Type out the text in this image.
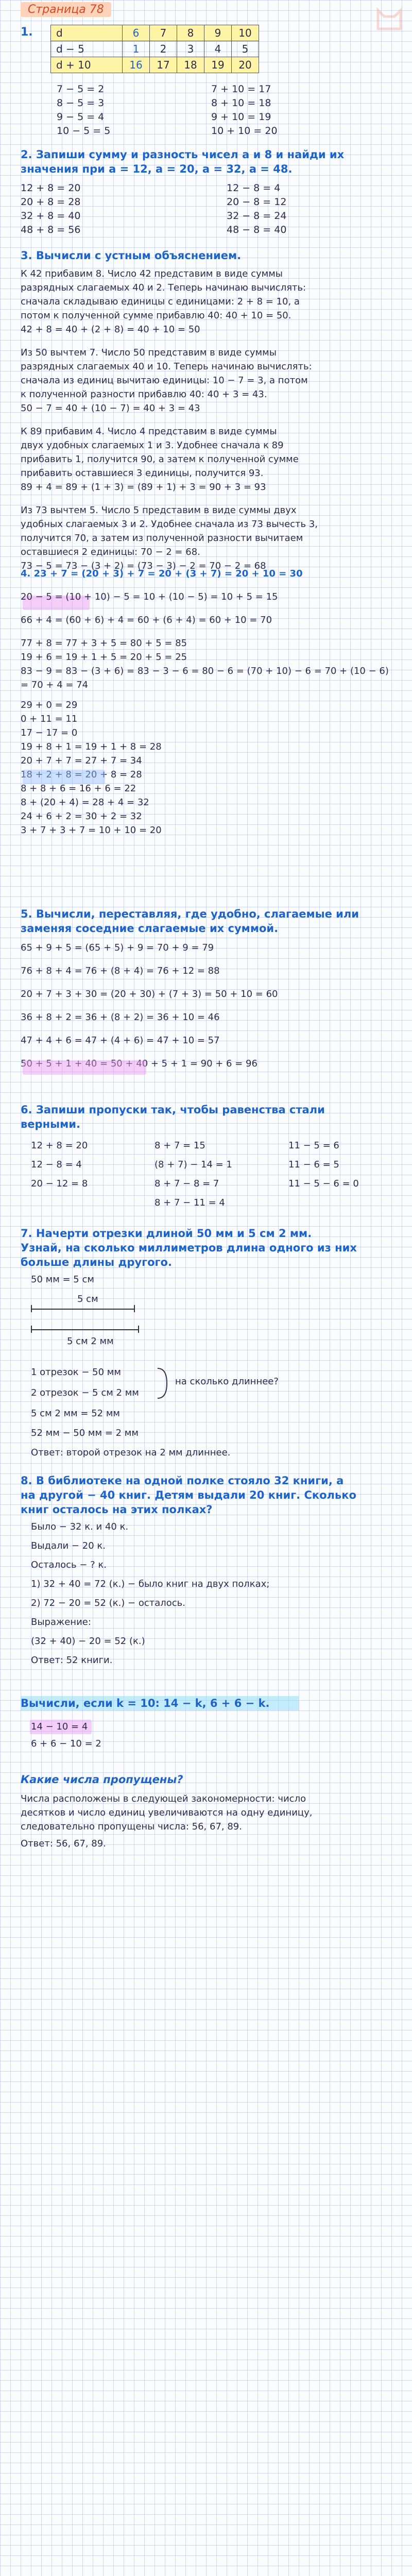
Страница 78
1. d	6	7	8	9	10
d − 5	1	2	3	4	5
d + 10	16	17	18	19	20
7 − 5 = 2
8 − 5 = 3
9 − 5 = 4
10 − 5 = 5
7 + 10 = 17
8 + 10 = 18
9 + 10 = 19
10 + 10 = 20
2. Запиши сумму и разность чисел а и 8 и найди их
значения при а = 12, а = 20, а = 32, а = 48.
12 + 8 = 20
20 + 8 = 28
32 + 8 = 40
48 + 8 = 56
12 − 8 = 4
20 − 8 = 12
32 − 8 = 24
48 − 8 = 40
3. Вычисли с устным объяснением.
К 42 прибавим 8. Число 42 представим в виде суммы
разрядных слагаемых 40 и 2. Теперь начинаю вычислять:
сначала складываю единицы с единицами: 2 + 8 = 10, а
потом к полученной сумме прибавлю 40: 40 + 10 = 50.
42 + 8 = 40 + (2 + 8) = 40 + 10 = 50
Из 50 вычтем 7. Число 50 представим в виде суммы
разрядных слагаемых 40 и 10. Теперь начинаю вычислять:
сначала из единиц вычитаю единицы: 10 − 7 = 3, а потом
к полученной разности прибавлю 40: 40 + 3 = 43.
50 − 7 = 40 + (10 − 7) = 40 + 3 = 43
К 89 прибавим 4. Число 4 представим в виде суммы
двух удобных слагаемых 1 и 3. Удобнее сначала к 89
прибавить 1, получится 90, а затем к полученной сумме
прибавить оставшиеся 3 единицы, получится 93.
89 + 4 = 89 + (1 + 3) = (89 + 1) + 3 = 90 + 3 = 93
Из 73 вычтем 5. Число 5 представим в виде суммы двух
удобных слагаемых 3 и 2. Удобнее сначала из 73 вычесть 3,
получится 70, а затем из полученной разности вычитаем
оставшиеся 2 единицы: 70 − 2 = 68.
73 − 5 = 73 − (3 + 2) = (73 − 3) − 2 = 70 − 2 = 68
4. 23 + 7 = (20 + 3) + 7 = 20 + (3 + 7) = 20 + 10 = 30
20 − 5 = (10 + 10) − 5 = 10 + (10 − 5) = 10 + 5 = 15
66 + 4 = (60 + 6) + 4 = 60 + (6 + 4) = 60 + 10 = 70
77 + 8 = 77 + 3 + 5 = 80 + 5 = 85
19 + 6 = 19 + 1 + 5 = 20 + 5 = 25
83 − 9 = 83 − (3 + 6) = 83 − 3 − 6 = 80 − 6 = (70 + 10) − 6 = 70 + (10 − 6) = 70 + 4 = 74
29 + 0 = 29
0 + 11 = 11
17 − 17 = 0
19 + 8 + 1 = 19 + 1 + 8 = 28
20 + 7 + 7 = 27 + 7 = 34
18 + 2 + 8 = 20 + 8 = 28
8 + 8 + 6 = 16 + 6 = 22
8 + (20 + 4) = 28 + 4 = 32
24 + 6 + 2 = 30 + 2 = 32
3 + 7 + 3 + 7 = 10 + 10 = 20
5. Вычисли, переставляя, где удобно, слагаемые или
заменяя соседние слагаемые их суммой.
65 + 9 + 5 = (65 + 5) + 9 = 70 + 9 = 79
76 + 8 + 4 = 76 + (8 + 4) = 76 + 12 = 88
20 + 7 + 3 + 30 = (20 + 30) + (7 + 3) = 50 + 10 = 60
36 + 8 + 2 = 36 + (8 + 2) = 36 + 10 = 46
47 + 4 + 6 = 47 + (4 + 6) = 47 + 10 = 57
50 + 5 + 1 + 40 = 50 + 40 + 5 + 1 = 90 + 6 = 96
6. Запиши пропуски так, чтобы равенства стали
верными.
12 + 8 = 20
12 − 8 = 4
20 − 12 = 8
8 + 7 = 15
(8 + 7) − 14 = 1
8 + 7 − 8 = 7
8 + 7 − 11 = 4
11 − 5 = 6
11 − 6 = 5
11 − 5 − 6 = 0
7. Начерти отрезки длиной 50 мм и 5 см 2 мм.
Узнай, на сколько миллиметров длина одного из них
больше длины другого.
50 мм = 5 см
5 см
5 см 2 мм
1 отрезок − 50 мм
2 отрезок − 5 см 2 мм
на сколько длиннее?
5 см 2 мм = 52 мм
52 мм − 50 мм = 2 мм
Ответ: второй отрезок на 2 мм длиннее.
8. В библиотеке на одной полке стояло 32 книги, а
на другой − 40 книг. Детям выдали 20 книг. Сколько
книг осталось на этих полках?
Было − 32 к. и 40 к.
Выдали − 20 к.
Осталось − ? к.
1) 32 + 40 = 72 (к.) − было книг на двух полках;
2) 72 − 20 = 52 (к.) − осталось.
Выражение:
(32 + 40) − 20 = 52 (к.)
Ответ: 52 книги.
Вычисли, если k = 10: 14 − k, 6 + 6 − k.
14 − 10 = 4
6 + 6 − 10 = 2
Какие числа пропущены?
Числа расположены в следующей закономерности: число
десятков и число единиц увеличиваются на одну единицу,
следовательно пропущены числа: 56, 67, 89.
Ответ: 56, 67, 89.
